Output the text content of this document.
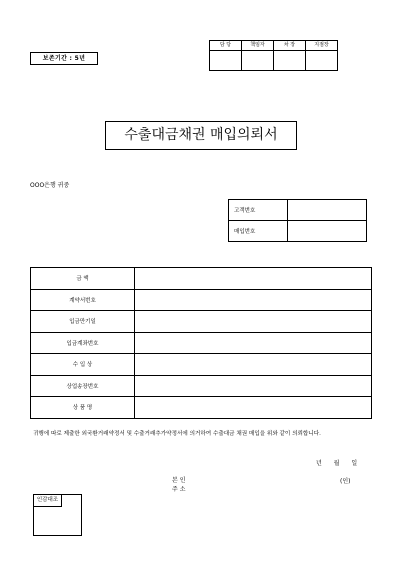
보존기간 : 5년
담 당	책임자	차 장	지점장

수출대금채권 매입의뢰서
OOO은행 귀중
고객번호	
매입번호	
금 액	
계약서번호	
입금만기일	
입금계좌번호	
수 입 상	
상업송장번호	
상 품 명	
귀행에 따로 제출한 외국환거래약정서 및 수출거래추가약정서에 의거하여 수출대금 채권 매입을 위와 같이 의뢰합니다.
년 월 일
본 인
주 소
(인)
인감대조
